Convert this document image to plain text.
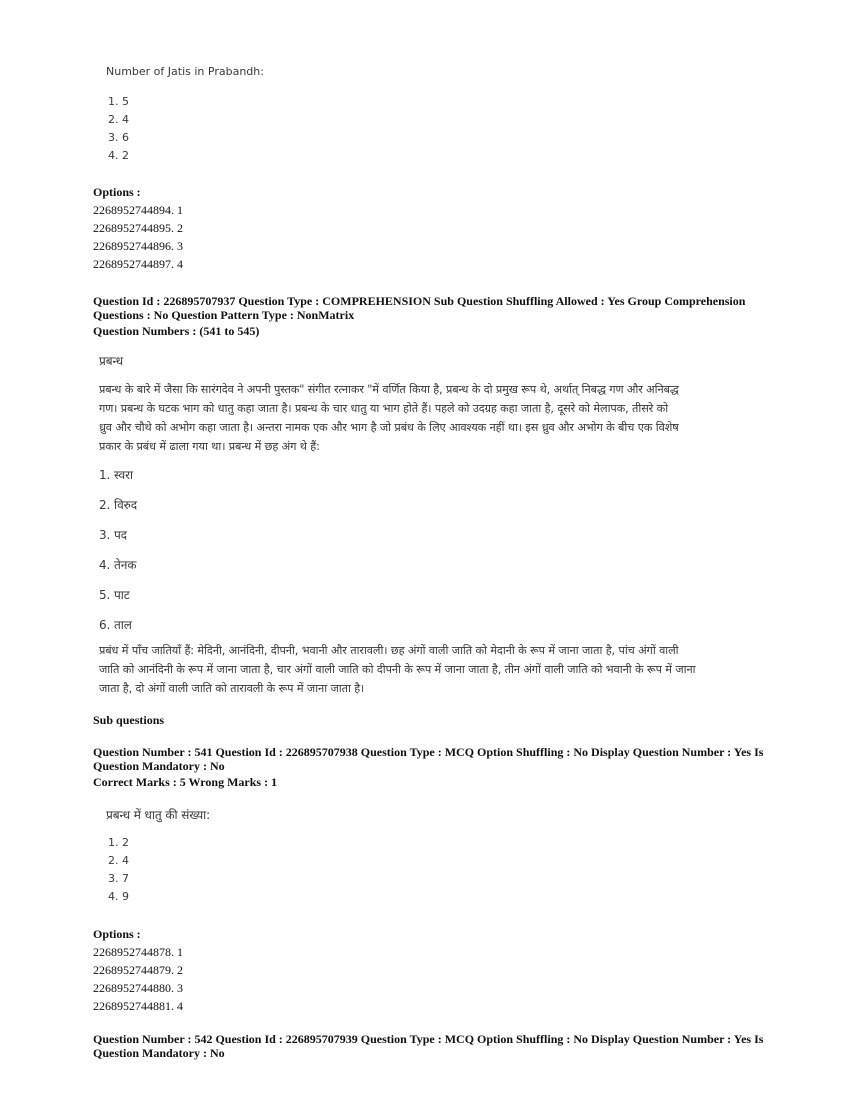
Number of Jatis in Prabandh:
1. 5
2. 4
3. 6
4. 2
Options :
2268952744894. 1
2268952744895. 2
2268952744896. 3
2268952744897. 4
Question Id : 226895707937 Question Type : COMPREHENSION Sub Question Shuffling Allowed : Yes Group Comprehension
Questions : No Question Pattern Type : NonMatrix
Question Numbers : (541 to 545)
प्रबन्ध
प्रबन्ध के बारे में जैसा कि सारंगदेव ने अपनी पुस्तक" संगीत रत्नाकर "में वर्णित किया है, प्रबन्ध के दो प्रमुख रूप थे, अर्थात् निबद्ध गण और अनिबद्ध
गण। प्रबन्ध के घटक भाग को धातु कहा जाता है। प्रबन्ध के चार धातु या भाग होते हैं। पहले को उदग्रह कहा जाता है, दूसरे को मेलापक, तीसरे को
ध्रुव और चौथे को अभोग कहा जाता है। अन्तरा नामक एक और भाग है जो प्रबंध के लिए आवश्यक नहीं था। इस ध्रुव और अभोग के बीच एक विशेष
प्रकार के प्रबंध में ढाला गया था। प्रबन्ध में छह अंग थे हैं:
1. स्वरा
2. विरुद
3. पद
4. तेनक
5. पाट
6. ताल
प्रबंध में पाँच जातियाँ हैं: मेदिनी, आनंदिनी, दीपनी, भवानी और तारावली। छह अंगों वाली जाति को मेदानी के रूप में जाना जाता है, पांच अंगों वाली
जाति को आनंदिनी के रूप में जाना जाता है, चार अंगों वाली जाति को दीपनी के रूप में जाना जाता है, तीन अंगों वाली जाति को भवानी के रूप में जाना
जाता है, दो अंगों वाली जाति को तारावली के रूप में जाना जाता है।
Sub questions
Question Number : 541 Question Id : 226895707938 Question Type : MCQ Option Shuffling : No Display Question Number : Yes Is
Question Mandatory : No
Correct Marks : 5 Wrong Marks : 1
प्रबन्ध में धातु की संख्या:
1. 2
2. 4
3. 7
4. 9
Options :
2268952744878. 1
2268952744879. 2
2268952744880. 3
2268952744881. 4
Question Number : 542 Question Id : 226895707939 Question Type : MCQ Option Shuffling : No Display Question Number : Yes Is
Question Mandatory : No
